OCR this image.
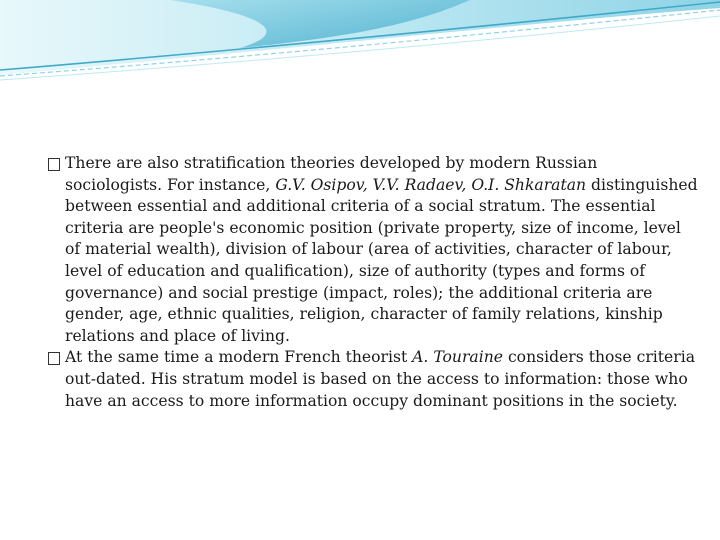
There are also stratification theories developed by modern Russian sociologists. For instance, G.V. Osipov, V.V. Radaev, O.I. Shkaratan distinguished between essential and additional criteria of a social stratum. The essential criteria are people's economic position (private property, size of income, level of material wealth), division of labour (area of activities, character of labour, level of education and qualification), size of authority (types and forms of governance) and social prestige (impact, roles); the additional criteria are gender, age, ethnic qualities, religion, character of family relations, kinship relations and place of living.

At the same time a modern French theorist A. Touraine considers those criteria out-dated. His stratum model is based on the access to information: those who have an access to more information occupy dominant positions in the society.
